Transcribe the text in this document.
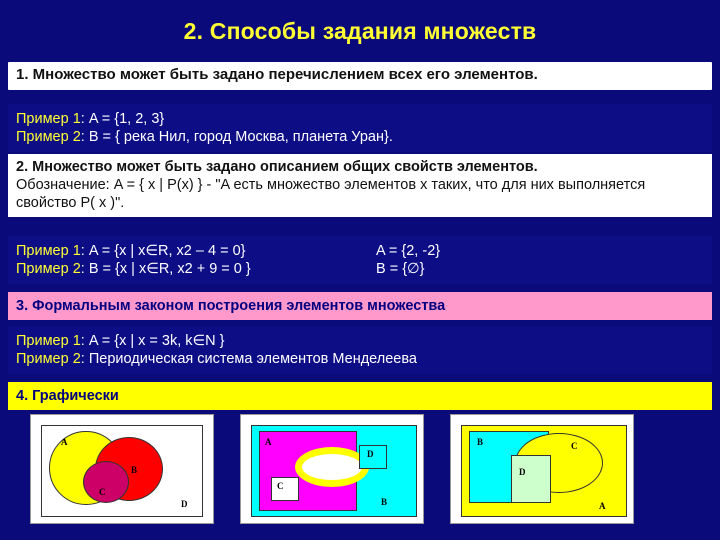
2. Способы задания множеств
1. Множество может быть задано перечислением всех его элементов.
Пример 1: A = {1, 2, 3}
Пример 2: B = { река Нил, город Москва, планета Уран}.
2. Множество может быть задано описанием общих свойств элементов.
Обозначение: A = { x | P(x) } - "A есть множество элементов x таких, что для них выполняется свойство P( x )".
Пример 1: A = {x | x∈R, x2 – 4 = 0}	A = {2, -2}
Пример 2: B = {x | x∈R, x2 + 9 = 0 }	B = {∅}
3. Формальным законом построения элементов множества
Пример 1: A = {x | x = 3k, k∈N }
Пример 2: Периодическая система элементов Менделеева
4. Графически
A
B
C
D
A
D
C
B
B	C
D
A
